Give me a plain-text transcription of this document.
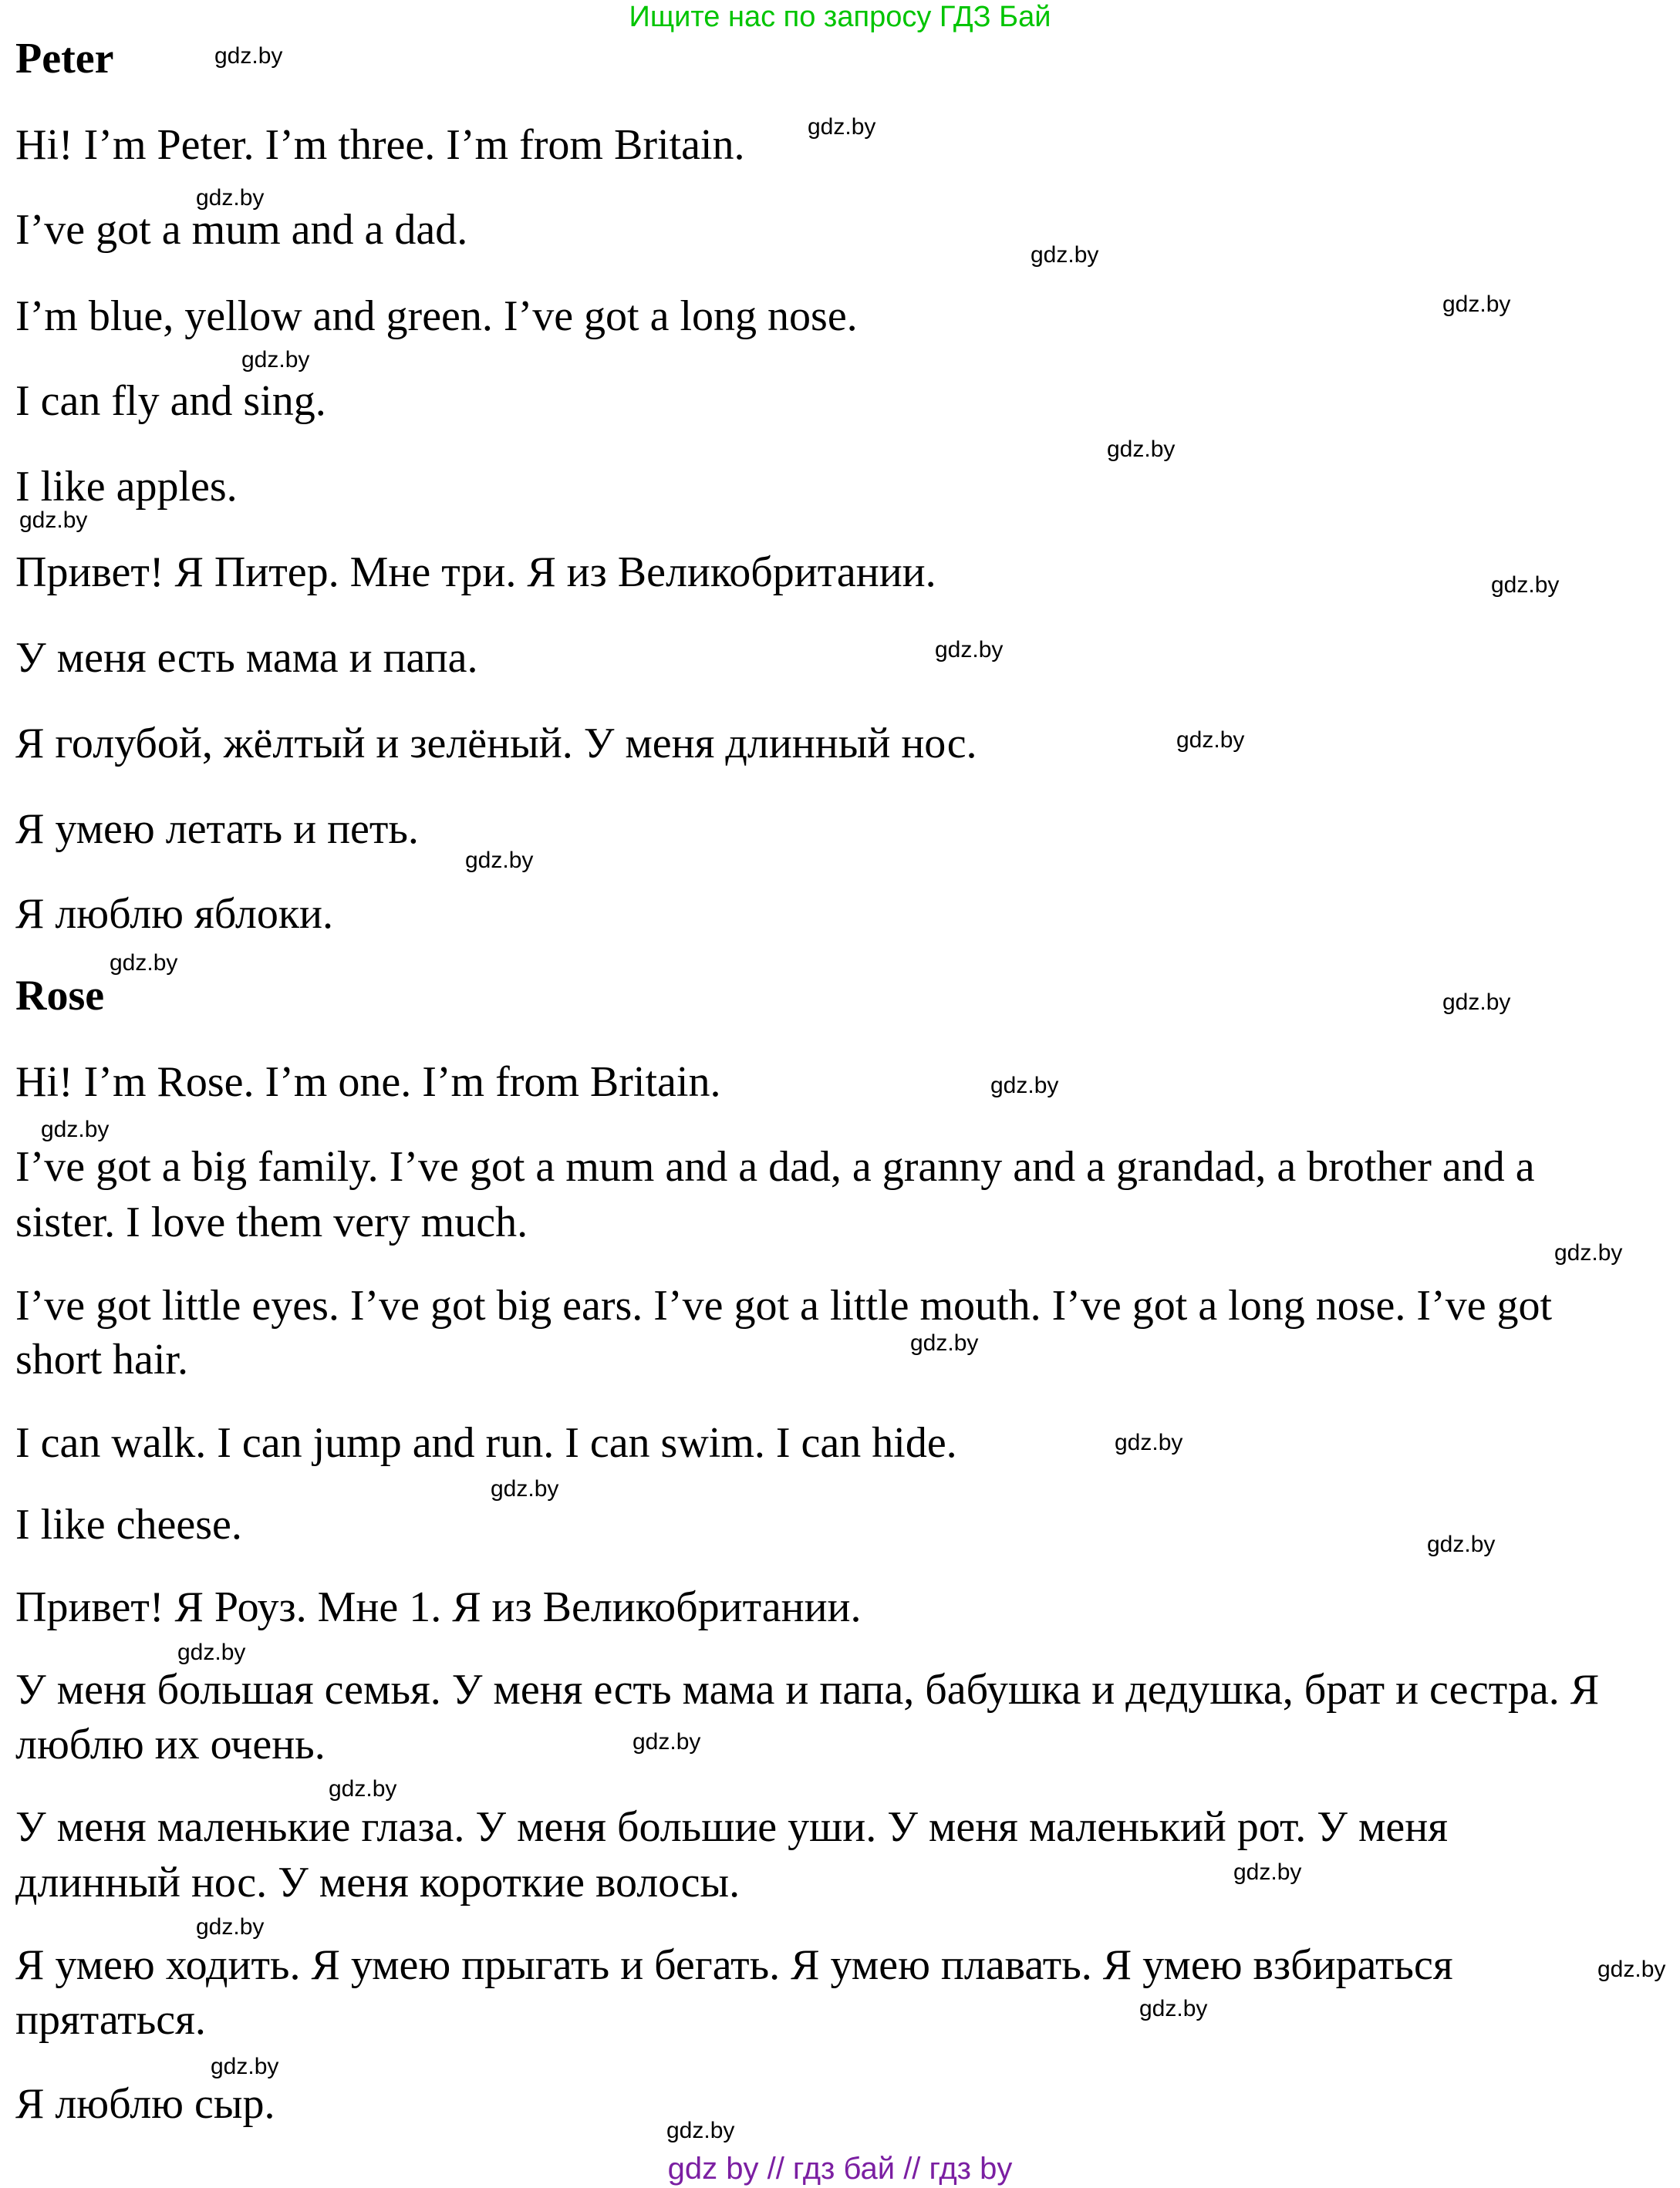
Ищите нас по запросу ГДЗ Бай
Peter
Hi! I’m Peter. I’m three. I’m from Britain.
I’ve got a mum and a dad.
I’m blue, yellow and green. I’ve got a long nose.
I can fly and sing.
I like apples.
Привет! Я Питер. Мне три. Я из Великобритании.
У меня есть мама и папа.
Я голубой, жёлтый и зелёный. У меня длинный нос.
Я умею летать и петь.
Я люблю яблоки.
Rose
Hi! I’m Rose. I’m one. I’m from Britain.
I’ve got a big family. I’ve got a mum and a dad, a granny and a grandad, a brother and a
sister. I love them very much.
I’ve got little eyes. I’ve got big ears. I’ve got a little mouth. I’ve got a long nose. I’ve got
short hair.
I can walk. I can jump and run. I can swim. I can hide.
I like cheese.
Привет! Я Роуз. Мне 1. Я из Великобритании.
У меня большая семья. У меня есть мама и папа, бабушка и дедушка, брат и сестра. Я
люблю их очень.
У меня маленькие глаза. У меня большие уши. У меня маленький рот. У меня
длинный нос. У меня короткие волосы.
Я умею ходить. Я умею прыгать и бегать. Я умею плавать. Я умею взбираться
прятаться.
Я люблю сыр.
gdz.by
gdz.by
gdz.by
gdz.by
gdz.by
gdz.by
gdz.by
gdz.by
gdz.by
gdz.by
gdz.by
gdz.by
gdz.by
gdz.by
gdz.by
gdz.by
gdz.by
gdz.by
gdz.by
gdz.by
gdz.by
gdz.by
gdz.by
gdz.by
gdz.by
gdz.by
gdz.by
gdz.by
gdz.by
gdz.by
gdz by // гдз бай // гдз by
